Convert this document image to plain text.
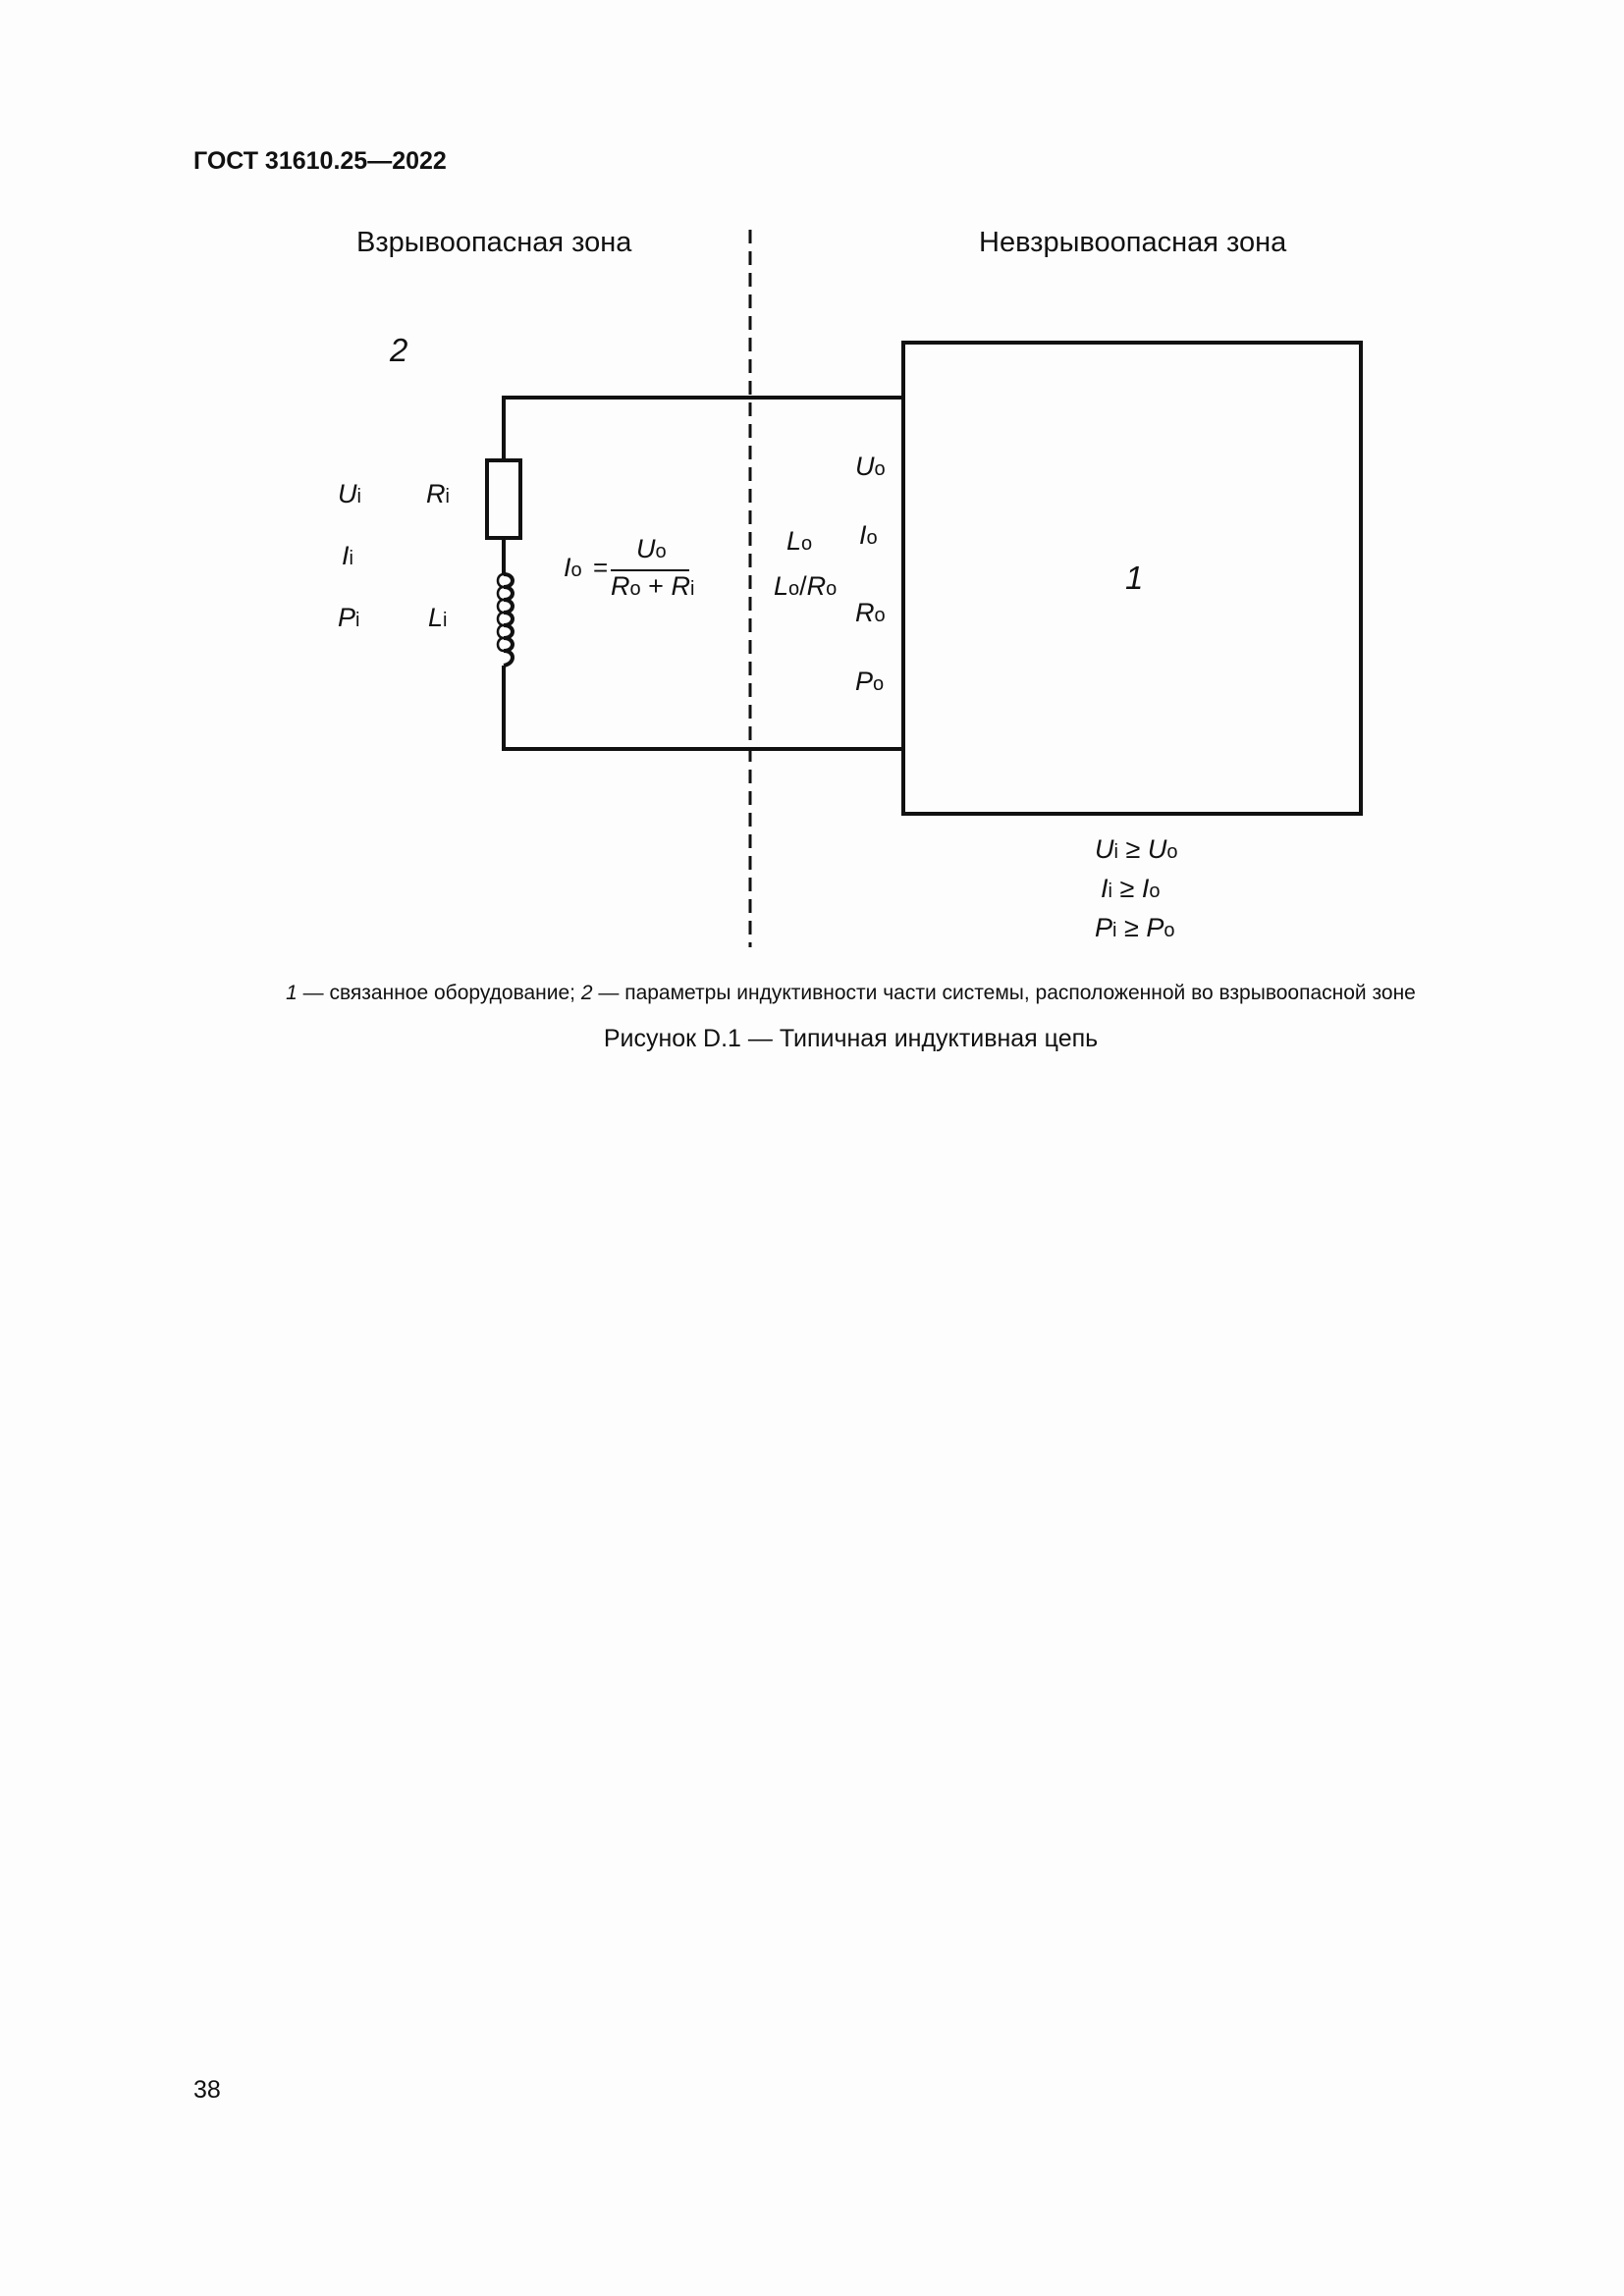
ГОСТ 31610.25—2022
Взрывоопасная зона	Невзрывоопасная зона
2
1
Ui Ri
Ii
Pi	Li
Io =
Uo
Ro + Ri
Lo
Lo/Ro
Uo
Io
Ro
Po
Ui ≥ Uo
Ii ≥ Io
Pi ≥ Po
1 — связанное оборудование; 2 — параметры индуктивности части системы, расположенной во взрывоопасной зоне
Рисунок D.1 — Типичная индуктивная цепь
38
